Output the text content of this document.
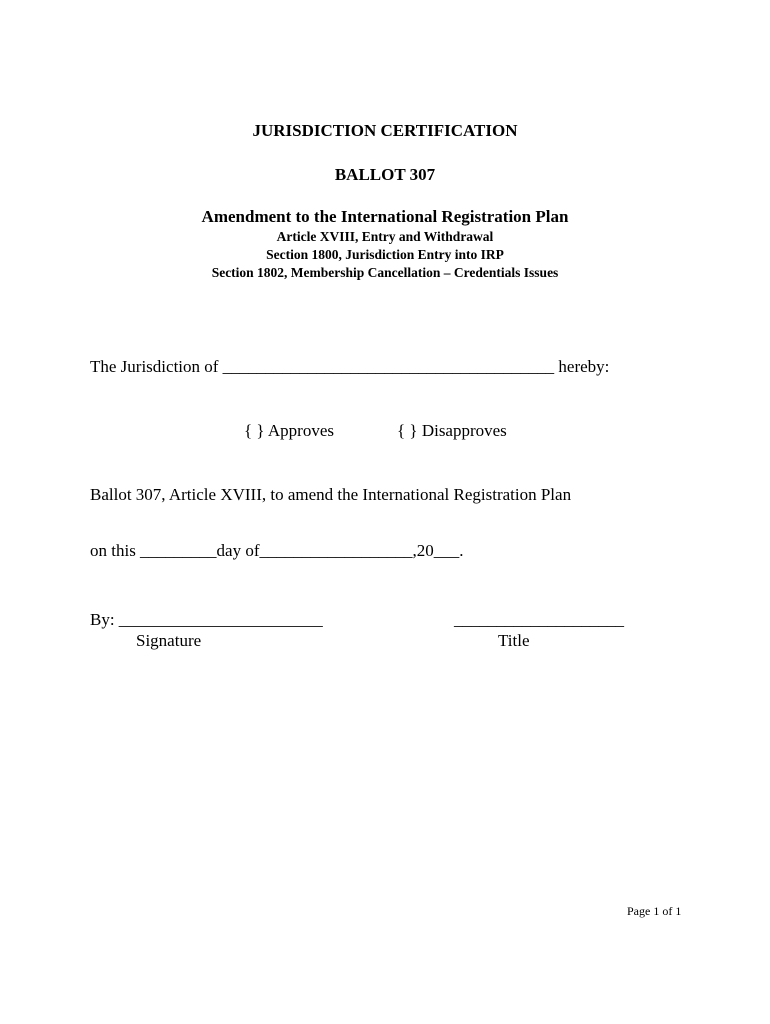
JURISDICTION CERTIFICATION
BALLOT 307
Amendment to the International Registration Plan
Article XVIII, Entry and Withdrawal
Section 1800, Jurisdiction Entry into IRP
Section 1802, Membership Cancellation – Credentials Issues
The Jurisdiction of _______________________________________ hereby:
{ } Approves	{ } Disapproves
Ballot 307, Article XVIII, to amend the International Registration Plan
on this _________day of__________________,20___.
By: ________________________	____________________
Signature	Title
Page 1 of 1
